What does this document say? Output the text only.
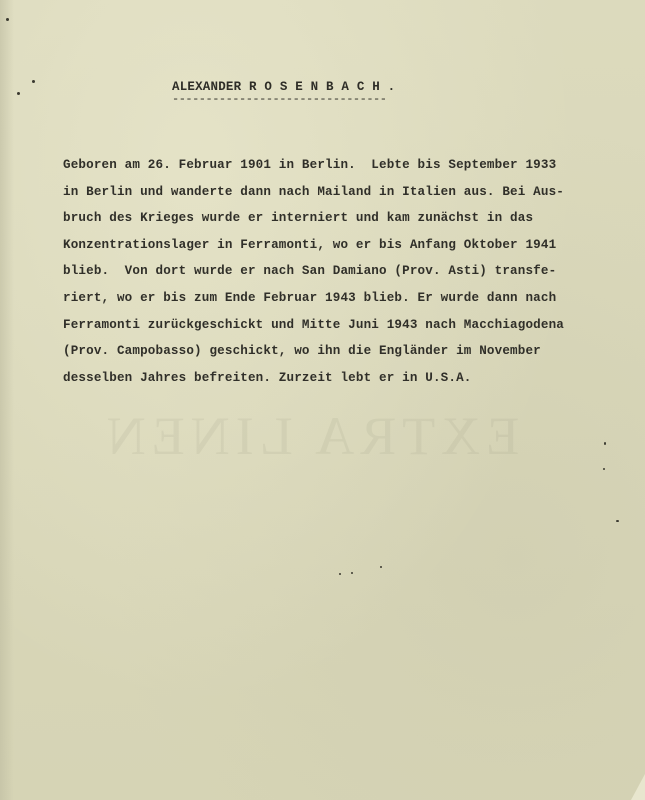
EXTRA LINEN
ALEXANDER R O S E N B A C H .
--------------------------------
Geboren am 26. Februar 1901 in Berlin.  Lebte bis September 1933
in Berlin und wanderte dann nach Mailand in Italien aus. Bei Aus-
bruch des Krieges wurde er interniert und kam zunächst in das
Konzentrationslager in Ferramonti, wo er bis Anfang Oktober 1941
blieb.  Von dort wurde er nach San Damiano (Prov. Asti) transfe-
riert, wo er bis zum Ende Februar 1943 blieb. Er wurde dann nach
Ferramonti zurückgeschickt und Mitte Juni 1943 nach Macchiagodena
(Prov. Campobasso) geschickt, wo ihn die Engländer im November
desselben Jahres befreiten. Zurzeit lebt er in U.S.A.
